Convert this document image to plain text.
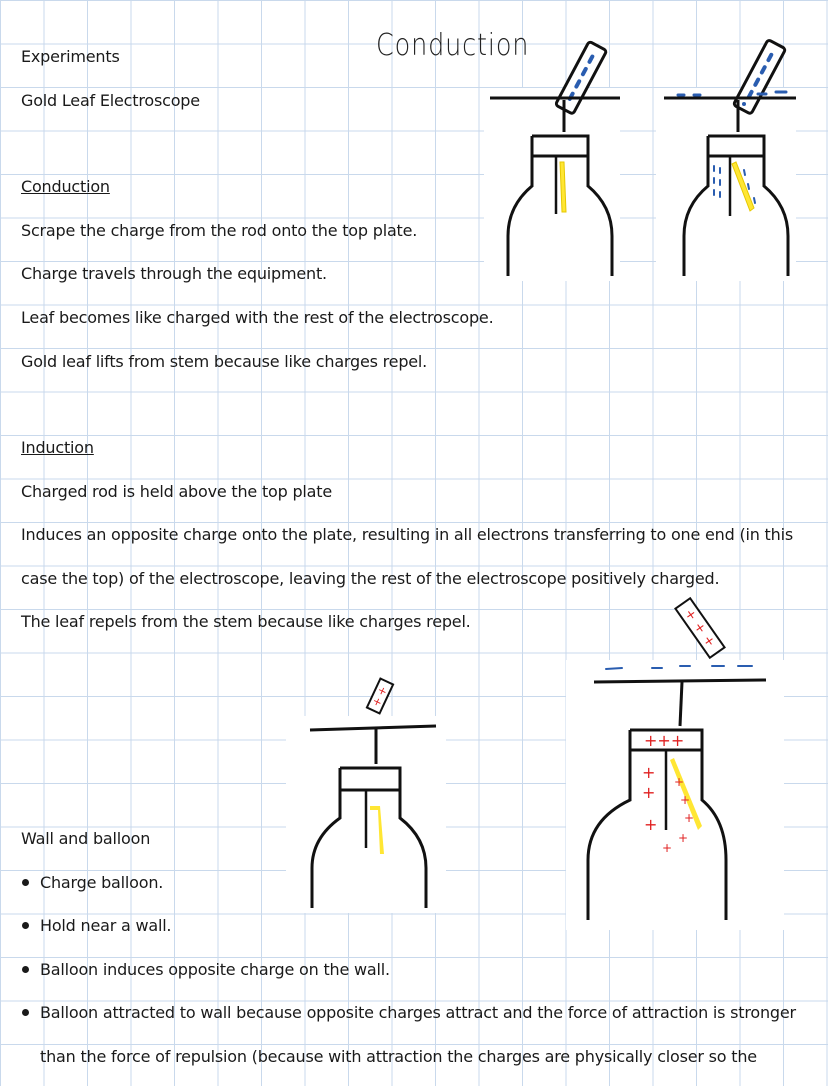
Conduction
Experiments
Gold Leaf Electroscope
Conduction
Scrape the charge from the rod onto the top plate.
Charge travels through the equipment.
Leaf becomes like charged with the rest of the electroscope.
Gold leaf lifts from stem because like charges repel.
Induction
Charged rod is held above the top plate
Induces an opposite charge onto the plate, resulting in all electrons transferring to one end (in this
case the top) of the electroscope, leaving the rest of the electroscope positively charged.
The leaf repels from the stem because like charges repel.
Wall and balloon
Charge balloon.
Hold near a wall.
Balloon induces opposite charge on the wall.
Balloon attracted to wall because opposite charges attract and the force of attraction is stronger
than the force of repulsion (because with attraction the charges are physically closer so the
+
+
+
+
+
+++
+
+
+
+
+
+
+
+
